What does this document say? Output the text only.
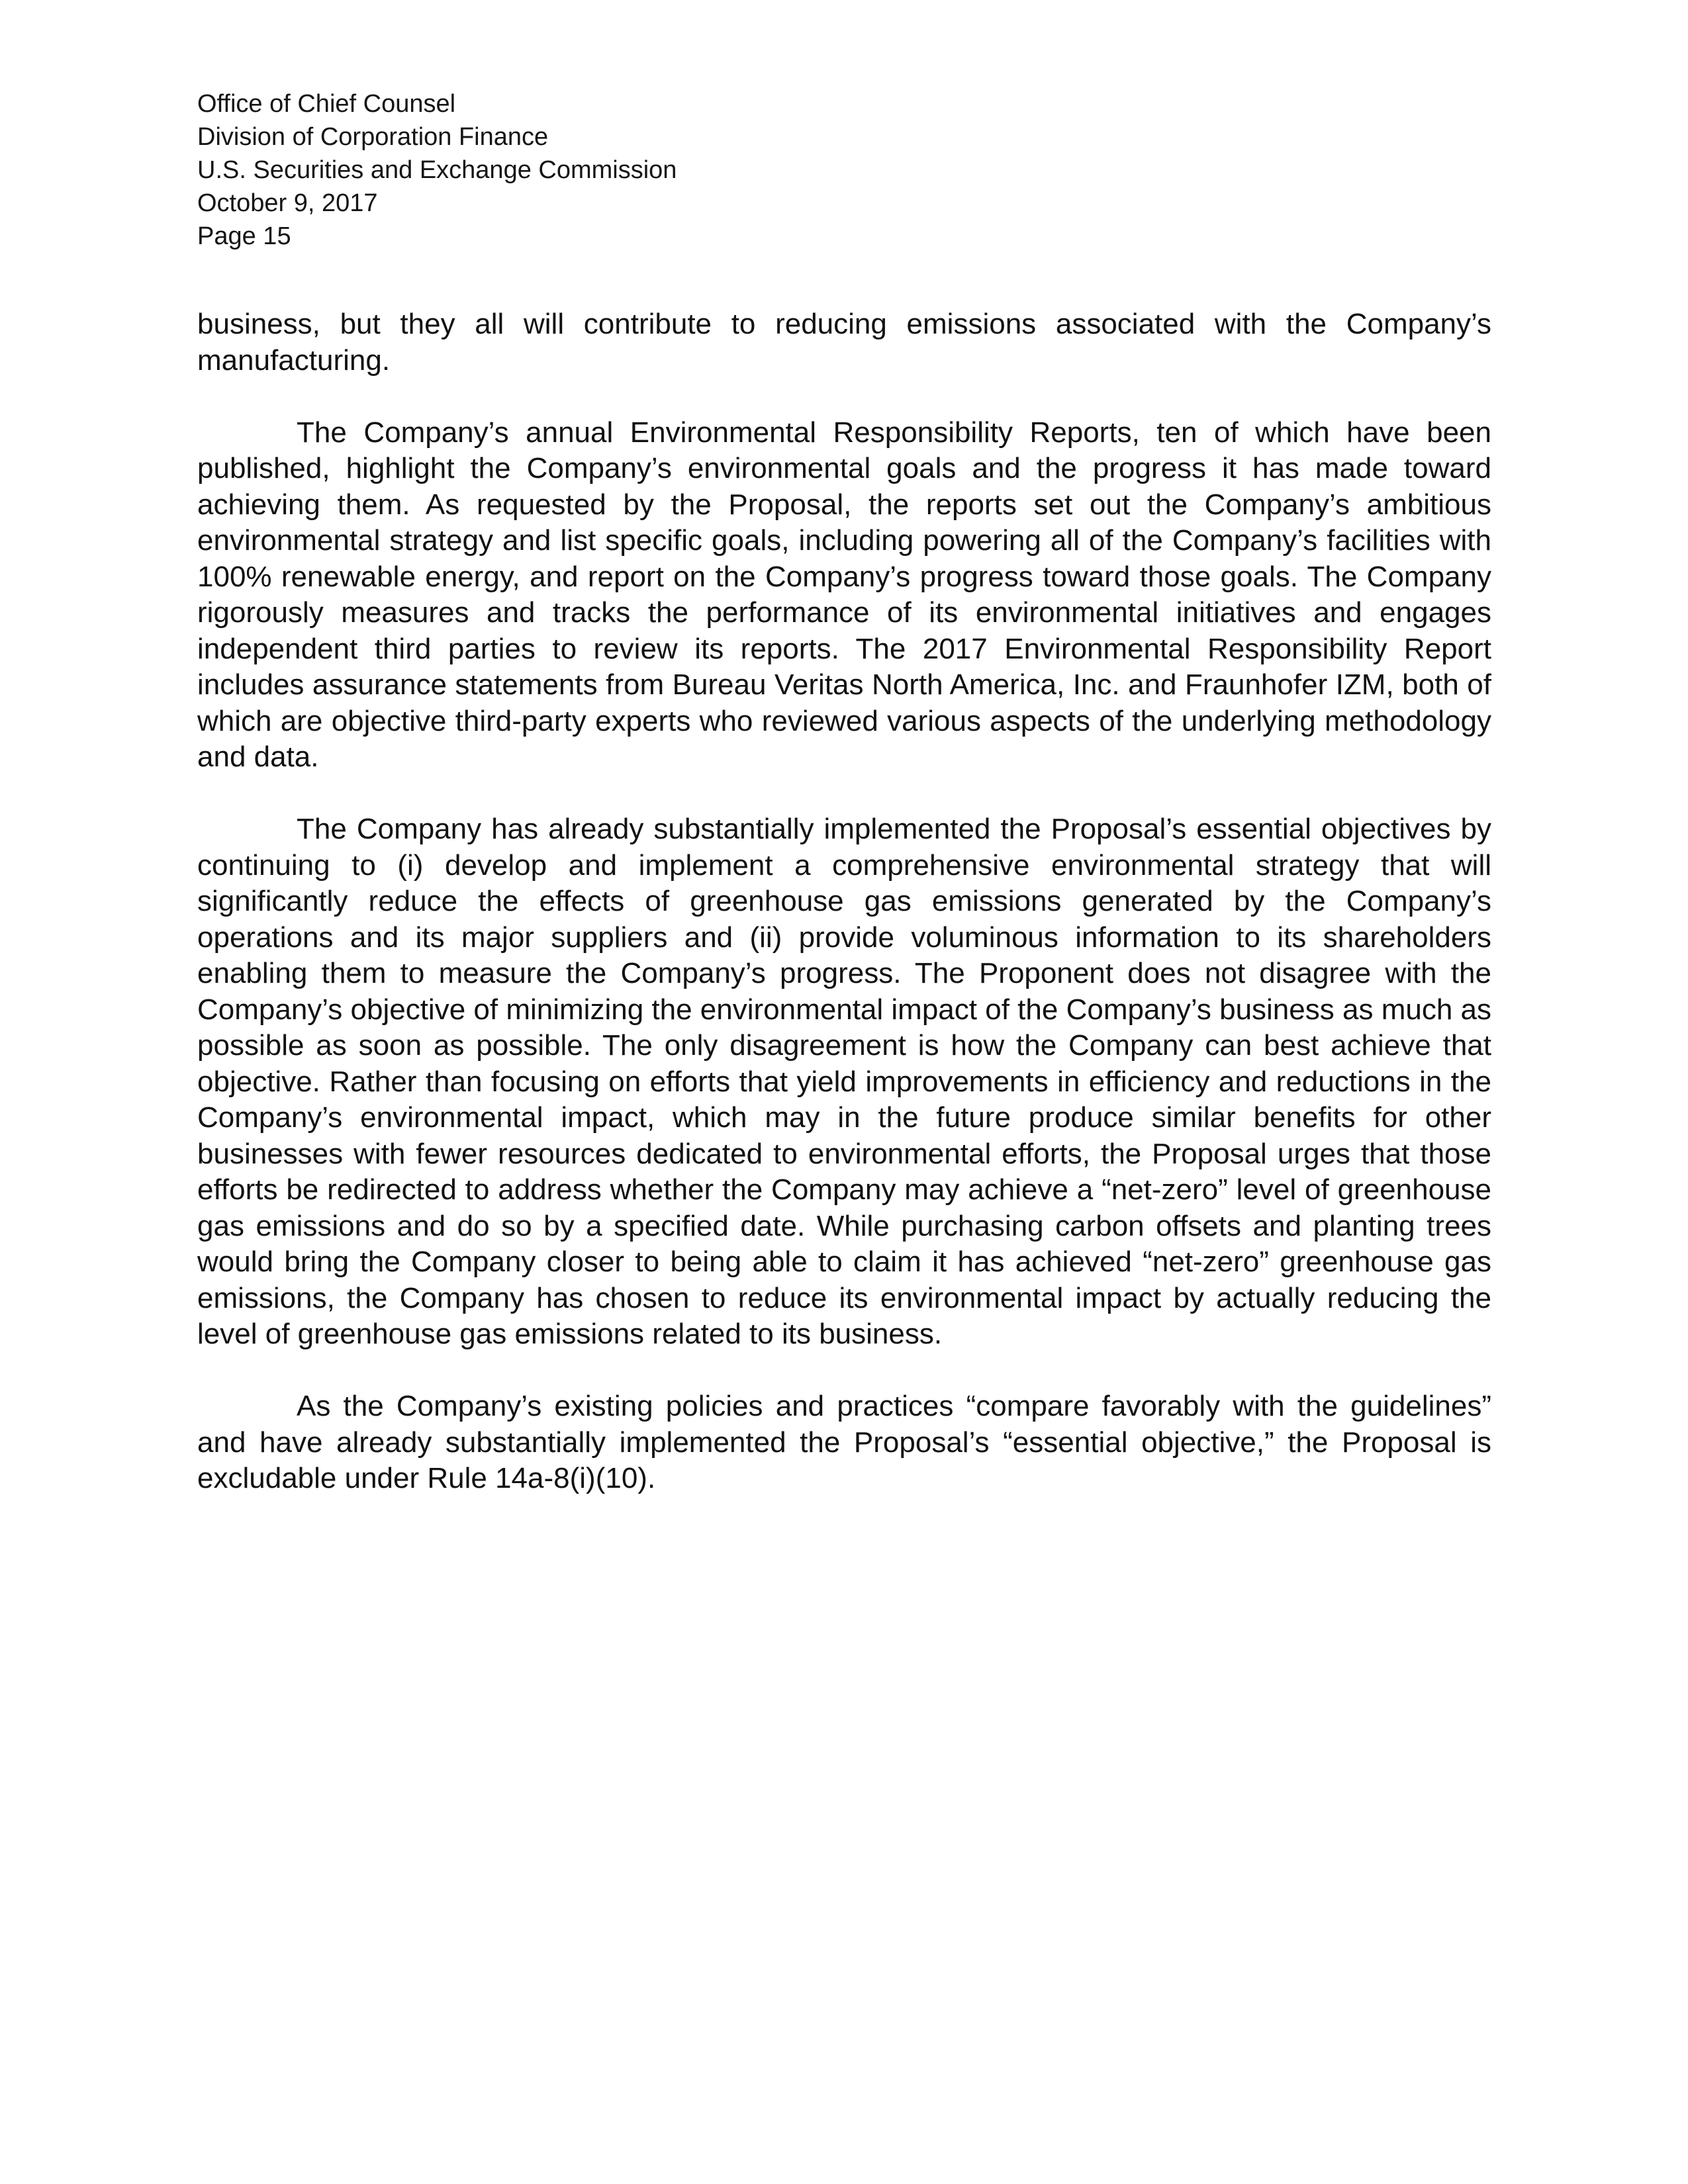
Office of Chief Counsel
Division of Corporation Finance
U.S. Securities and Exchange Commission
October 9, 2017
Page 15

business, but they all will contribute to reducing emissions associated with the Company’s manufacturing.

The Company’s annual Environmental Responsibility Reports, ten of which have been published, highlight the Company’s environmental goals and the progress it has made toward achieving them. As requested by the Proposal, the reports set out the Company’s ambitious environmental strategy and list specific goals, including powering all of the Company’s facilities with 100% renewable energy, and report on the Company’s progress toward those goals. The Company rigorously measures and tracks the performance of its environmental initiatives and engages independent third parties to review its reports. The 2017 Environmental Responsibility Report includes assurance statements from Bureau Veritas North America, Inc. and Fraunhofer IZM, both of which are objective third-party experts who reviewed various aspects of the underlying methodology and data.

The Company has already substantially implemented the Proposal’s essential objectives by continuing to (i) develop and implement a comprehensive environmental strategy that will significantly reduce the effects of greenhouse gas emissions generated by the Company’s operations and its major suppliers and (ii) provide voluminous information to its shareholders enabling them to measure the Company’s progress. The Proponent does not disagree with the Company’s objective of minimizing the environmental impact of the Company’s business as much as possible as soon as possible. The only disagreement is how the Company can best achieve that objective. Rather than focusing on efforts that yield improvements in efficiency and reductions in the Company’s environmental impact, which may in the future produce similar benefits for other businesses with fewer resources dedicated to environmental efforts, the Proposal urges that those efforts be redirected to address whether the Company may achieve a “net-zero” level of greenhouse gas emissions and do so by a specified date. While purchasing carbon offsets and planting trees would bring the Company closer to being able to claim it has achieved “net-zero” greenhouse gas emissions, the Company has chosen to reduce its environmental impact by actually reducing the level of greenhouse gas emissions related to its business.

As the Company’s existing policies and practices “compare favorably with the guidelines” and have already substantially implemented the Proposal’s “essential objective,” the Proposal is excludable under Rule 14a-8(i)(10).
